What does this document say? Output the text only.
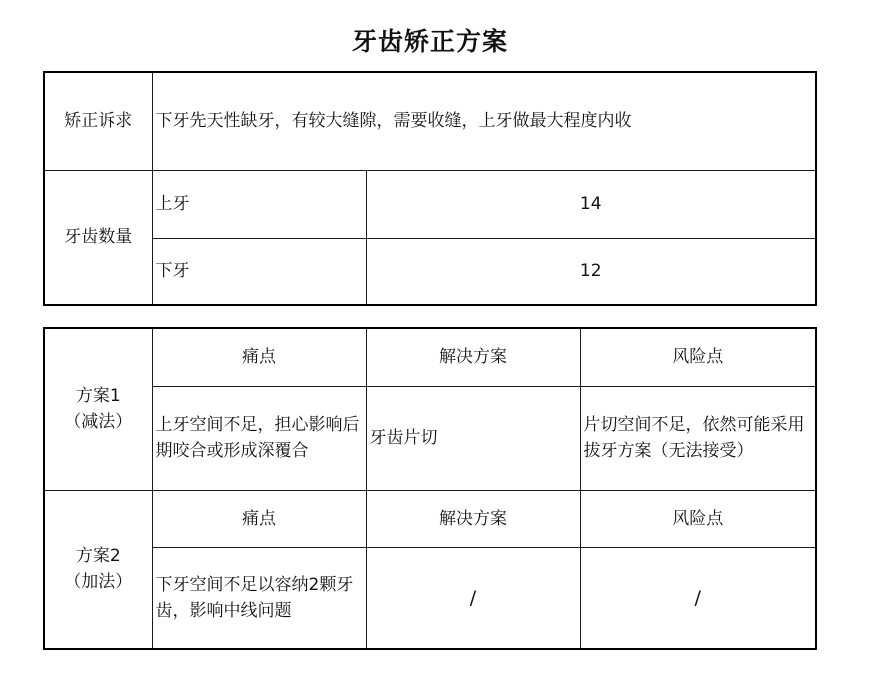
牙齿矫正方案
矫正诉求	下牙先天性缺牙，有较大缝隙，需要收缝，上牙做最大程度内收	
牙齿数量	上牙	14
	下牙	12
方案1
（减法）	痛点	解决方案	风险点
	上牙空间不足，担心影响后期咬合或形成深覆合	牙齿片切	片切空间不足，依然可能采用拔牙方案（无法接受）

方案2
（加法）	痛点	解决方案	风险点
	下牙空间不足以容纳2颗牙齿，影响中线问题	/	/
